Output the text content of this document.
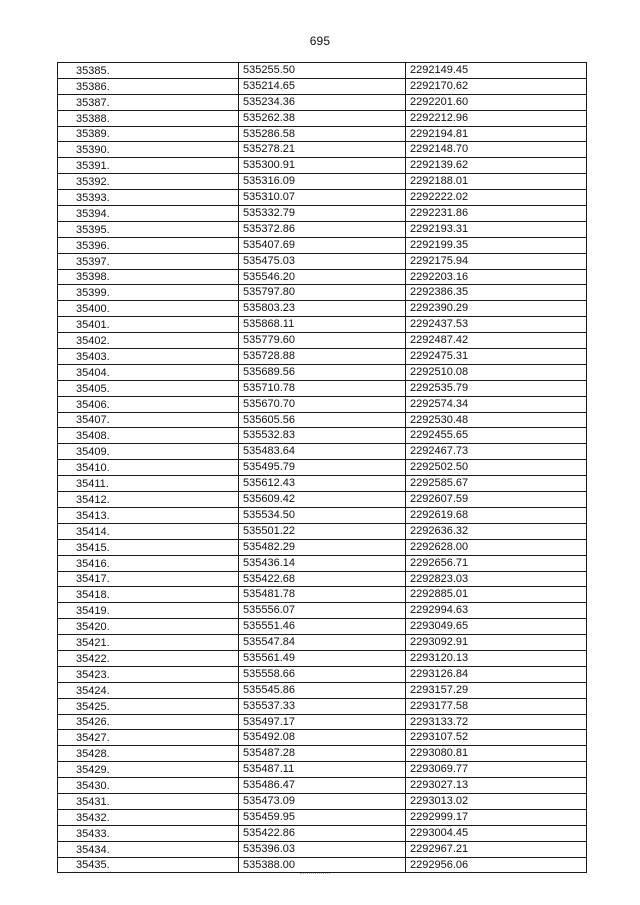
695
35385.	535255.50	2292149.45
35386.	535214.65	2292170.62
35387.	535234.36	2292201.60
35388.	535262.38	2292212.96
35389.	535286.58	2292194.81
35390.	535278.21	2292148.70
35391.	535300.91	2292139.62
35392.	535316.09	2292188.01
35393.	535310.07	2292222.02
35394.	535332.79	2292231.86
35395.	535372.86	2292193.31
35396.	535407.69	2292199.35
35397.	535475.03	2292175.94
35398.	535546.20	2292203.16
35399.	535797.80	2292386.35
35400.	535803.23	2292390.29
35401.	535868.11	2292437.53
35402.	535779.60	2292487.42
35403.	535728.88	2292475.31
35404.	535689.56	2292510.08
35405.	535710.78	2292535.79
35406.	535670.70	2292574.34
35407.	535605.56	2292530.48
35408.	535532.83	2292455.65
35409.	535483.64	2292467.73
35410.	535495.79	2292502.50
35411.	535612.43	2292585.67
35412.	535609.42	2292607.59
35413.	535534.50	2292619.68
35414.	535501.22	2292636.32
35415.	535482.29	2292628.00
35416.	535436.14	2292656.71
35417.	535422.68	2292823.03
35418.	535481.78	2292885.01
35419.	535556.07	2292994.63
35420.	535551.46	2293049.65
35421.	535547.84	2293092.91
35422.	535561.49	2293120.13
35423.	535558.66	2293126.84
35424.	535545.86	2293157.29
35425.	535537.33	2293177.58
35426.	535497.17	2293133.72
35427.	535492.08	2293107.52
35428.	535487.28	2293080.81
35429.	535487.11	2293069.77
35430.	535486.47	2293027.13
35431.	535473.09	2293013.02
35432.	535459.95	2292999.17
35433.	535422.86	2293004.45
35434.	535396.03	2292967.21
35435.	535388.00	2292956.06
